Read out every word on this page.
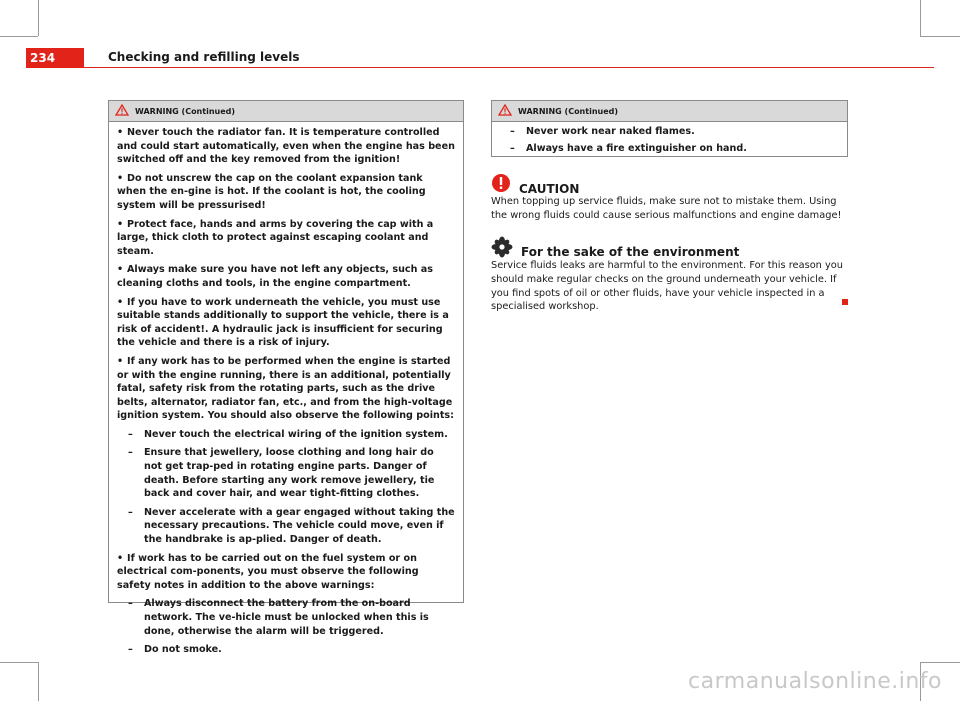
234	Checking and refilling levels
WARNING (Continued)

• Never touch the radiator fan. It is temperature controlled and could start automatically, even when the engine has been switched off and the key removed from the ignition!

• Do not unscrew the cap on the coolant expansion tank when the en-gine is hot. If the coolant is hot, the cooling system will be pressurised!

• Protect face, hands and arms by covering the cap with a large, thick cloth to protect against escaping coolant and steam.

• Always make sure you have not left any objects, such as cleaning cloths and tools, in the engine compartment.

• If you have to work underneath the vehicle, you must use suitable stands additionally to support the vehicle, there is a risk of accident!. A hydraulic jack is insufficient for securing the vehicle and there is a risk of injury.

• If any work has to be performed when the engine is started or with the engine running, there is an additional, potentially fatal, safety risk from the rotating parts, such as the drive belts, alternator, radiator fan, etc., and from the high-voltage ignition system. You should also observe the following points:

– Never touch the electrical wiring of the ignition system.
– Ensure that jewellery, loose clothing and long hair do not get trap-ped in rotating engine parts. Danger of death. Before starting any work remove jewellery, tie back and cover hair, and wear tight-fitting clothes.
– Never accelerate with a gear engaged without taking the necessary precautions. The vehicle could move, even if the handbrake is ap-plied. Danger of death.

• If work has to be carried out on the fuel system or on electrical com-ponents, you must observe the following safety notes in addition to the above warnings:

– Always disconnect the battery from the on-board network. The ve-hicle must be unlocked when this is done, otherwise the alarm will be triggered.
– Do not smoke.
WARNING (Continued)
– Never work near naked flames.
– Always have a fire extinguisher on hand.
CAUTION
When topping up service fluids, make sure not to mistake them. Using the wrong fluids could cause serious malfunctions and engine damage!
For the sake of the environment
Service fluids leaks are harmful to the environment. For this reason you should make regular checks on the ground underneath your vehicle. If you find spots of oil or other fluids, have your vehicle inspected in a specialised workshop.
carmanualsonline.info
